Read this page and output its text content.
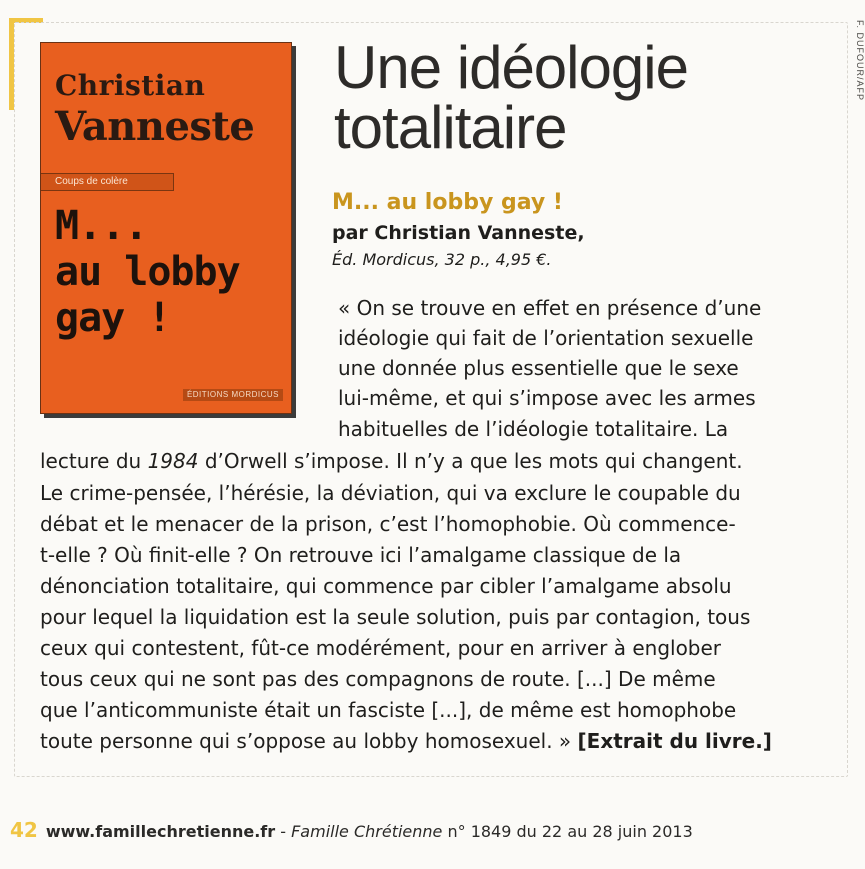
F. DUFOUR/AFP
Christian
Vanneste
Coups de colère
M...
au lobby
gay !
ÉDITIONS MORDICUS
Une idéologie
totalitaire
M... au lobby gay !
par Christian Vanneste,
Éd. Mordicus, 32 p., 4,95 €.
« On se trouve en effet en présence d’une
idéologie qui fait de l’orientation sexuelle
une donnée plus essentielle que le sexe
lui-même, et qui s’impose avec les armes
habituelles de l’idéologie totalitaire. La
lecture du 1984 d’Orwell s’impose. Il n’y a que les mots qui changent.
Le crime-pensée, l’hérésie, la déviation, qui va exclure le coupable du
débat et le menacer de la prison, c’est l’homophobie. Où commence-
t-elle ? Où finit-elle ? On retrouve ici l’amalgame classique de la
dénonciation totalitaire, qui commence par cibler l’amalgame absolu
pour lequel la liquidation est la seule solution, puis par contagion, tous
ceux qui contestent, fût-ce modérément, pour en arriver à englober
tous ceux qui ne sont pas des compagnons de route. [...] De même
que l’anticommuniste était un fasciste [...], de même est homophobe
toute personne qui s’oppose au lobby homosexuel. » [Extrait du livre.]
42 www.famillechretienne.fr - Famille Chrétienne n° 1849 du 22 au 28 juin 2013
